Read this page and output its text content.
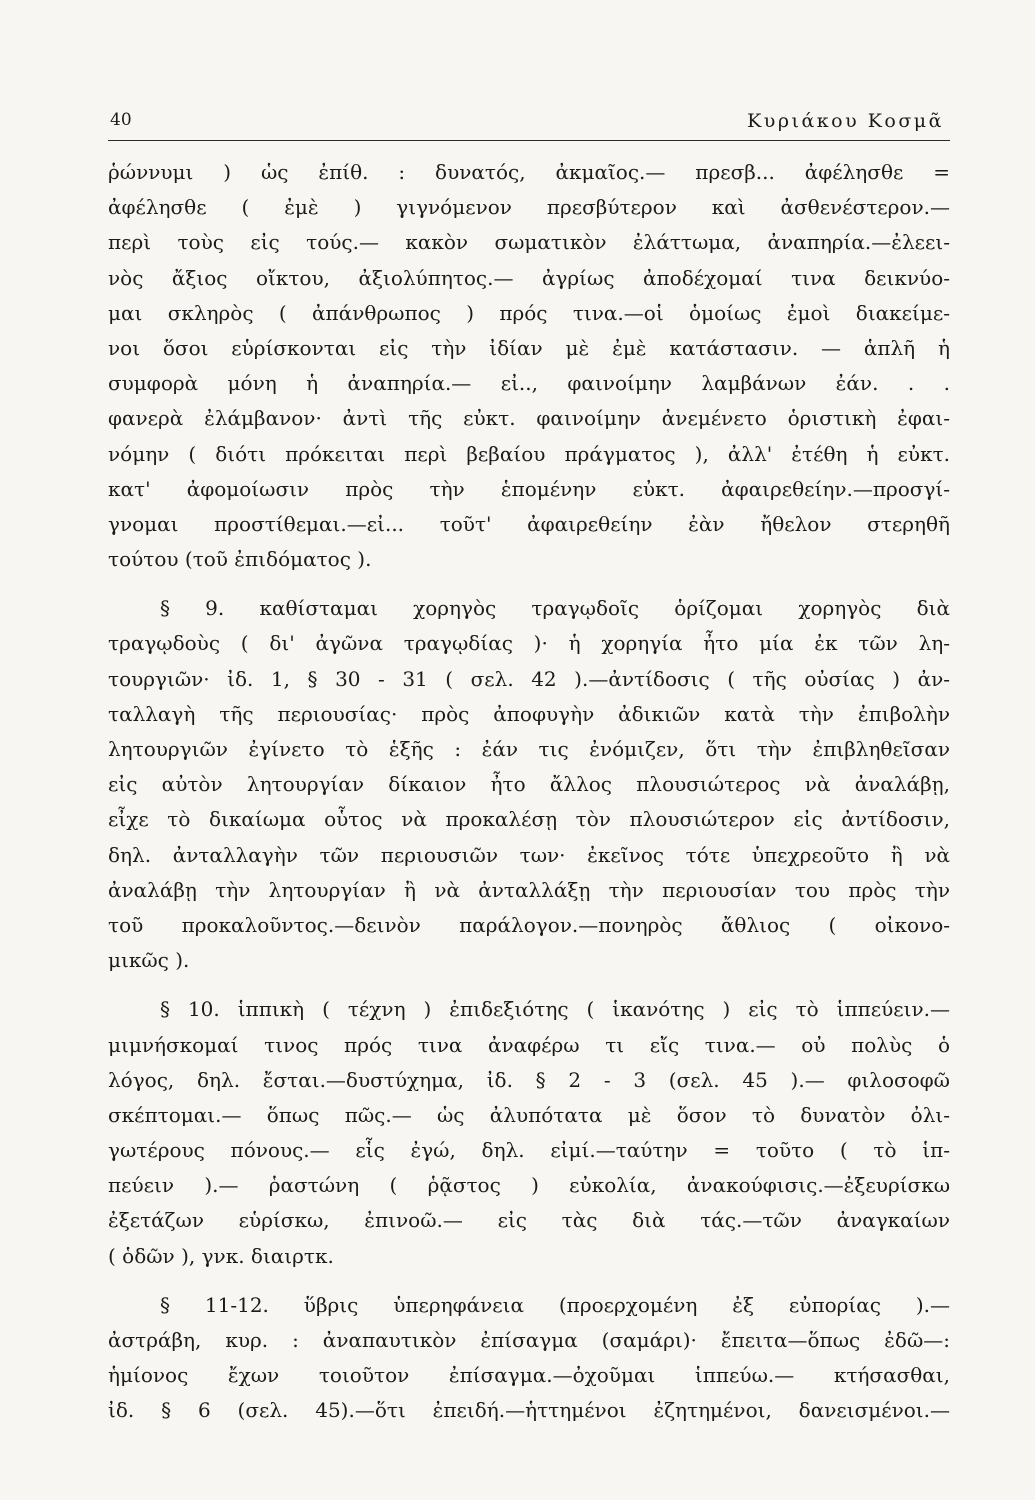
40	Κυριάκου Κοσμᾶ
ῥώννυμι ) ὡς ἐπίθ. : δυνατός, ἀκμαῖος.— πρεσβ... ἀφέλησθε =
ἀφέλησθε ( ἐμὲ ) γιγνόμενον πρεσβύτερον καὶ ἀσθενέστερον.—
περὶ τοὺς εἰς τούς.— κακὸν σωματικὸν ἐλάττωμα, ἀναπηρία.—ἐλεει-
νὸς ἄξιος οἴκτου, ἀξιολύπητος.— ἀγρίως ἀποδέχομαί τινα δεικνύο-
μαι σκληρὸς ( ἀπάνθρωπος ) πρός τινα.—οἱ ὁμοίως ἐμοὶ διακείμε-
νοι ὅσοι εὑρίσκονται εἰς τὴν ἰδίαν μὲ ἐμὲ κατάστασιν. — ἁπλῆ ἡ
συμφορὰ μόνη ἡ ἀναπηρία.— εἰ.., φαινοίμην λαμβάνων ἐάν. . .
φανερὰ ἐλάμβανον· ἀντὶ τῆς εὐκτ. φαινοίμην ἀνεμένετο ὁριστικὴ ἐφαι-
νόμην ( διότι πρόκειται περὶ βεβαίου πράγματος ), ἀλλ' ἐτέθη ἡ εὐκτ.
κατ' ἀφομοίωσιν πρὸς τὴν ἑπομένην εὐκτ. ἀφαιρεθείην.—προσγί-
γνομαι προστίθεμαι.—εἰ... τοῦτ' ἀφαιρεθείην ἐὰν ἤθελον στερηθῆ
τούτου (τοῦ ἐπιδόματος ).
§ 9. καθίσταμαι χορηγὸς τραγῳδοῖς ὁρίζομαι χορηγὸς διὰ
τραγῳδοὺς ( δι' ἀγῶνα τραγῳδίας )· ἡ χορηγία ἦτο μία ἐκ τῶν λη-
τουργιῶν· ἰδ. 1, § 30 - 31 ( σελ. 42 ).—ἀντίδοσις ( τῆς οὐσίας ) ἀν-
ταλλαγὴ τῆς περιουσίας· πρὸς ἀποφυγὴν ἀδικιῶν κατὰ τὴν ἐπιβολὴν
λητουργιῶν ἐγίνετο τὸ ἑξῆς : ἐάν τις ἐνόμιζεν, ὅτι τὴν ἐπιβληθεῖσαν
εἰς αὐτὸν λητουργίαν δίκαιον ἦτο ἄλλος πλουσιώτερος νὰ ἀναλάβῃ,
εἶχε τὸ δικαίωμα οὗτος νὰ προκαλέσῃ τὸν πλουσιώτερον εἰς ἀντίδοσιν,
δηλ. ἀνταλλαγὴν τῶν περιουσιῶν των· ἐκεῖνος τότε ὑπεχρεοῦτο ἢ νὰ
ἀναλάβῃ τὴν λητουργίαν ἢ νὰ ἀνταλλάξῃ τὴν περιουσίαν του πρὸς τὴν
τοῦ προκαλοῦντος.—δεινὸν παράλογον.—πονηρὸς ἄθλιος ( οἰκονο-
μικῶς ).
§ 10. ἱππικὴ ( τέχνη ) ἐπιδεξιότης ( ἱκανότης ) εἰς τὸ ἱππεύειν.—
μιμνήσκομαί τινος πρός τινα ἀναφέρω τι εἴς τινα.— οὐ πολὺς ὁ
λόγος, δηλ. ἔσται.—δυστύχημα, ἰδ. § 2 - 3 (σελ. 45 ).— φιλοσοφῶ
σκέπτομαι.— ὅπως πῶς.— ὡς ἀλυπότατα μὲ ὅσον τὸ δυνατὸν ὀλι-
γωτέρους πόνους.— εἷς ἐγώ, δηλ. εἰμί.—ταύτην = τοῦτο ( τὸ ἱπ-
πεύειν ).— ῥαστώνη ( ῥᾷστος ) εὐκολία, ἀνακούφισις.—ἐξευρίσκω
ἐξετάζων εὑρίσκω, ἐπινοῶ.— εἰς τὰς διὰ τάς.—τῶν ἀναγκαίων
( ὁδῶν ), γνκ. διαιρτκ.
§ 11-12. ὕβρις ὑπερηφάνεια (προερχομένη ἐξ εὐπορίας ).—
ἀστράβη, κυρ. : ἀναπαυτικὸν ἐπίσαγμα (σαμάρι)· ἔπειτα—ὅπως ἐδῶ—:
ἡμίονος ἔχων τοιοῦτον ἐπίσαγμα.—ὀχοῦμαι ἱππεύω.— κτήσασθαι,
ἰδ. § 6 (σελ. 45).—ὅτι ἐπειδή.—ἡττημένοι ἐζητημένοι, δανεισμένοι.—
